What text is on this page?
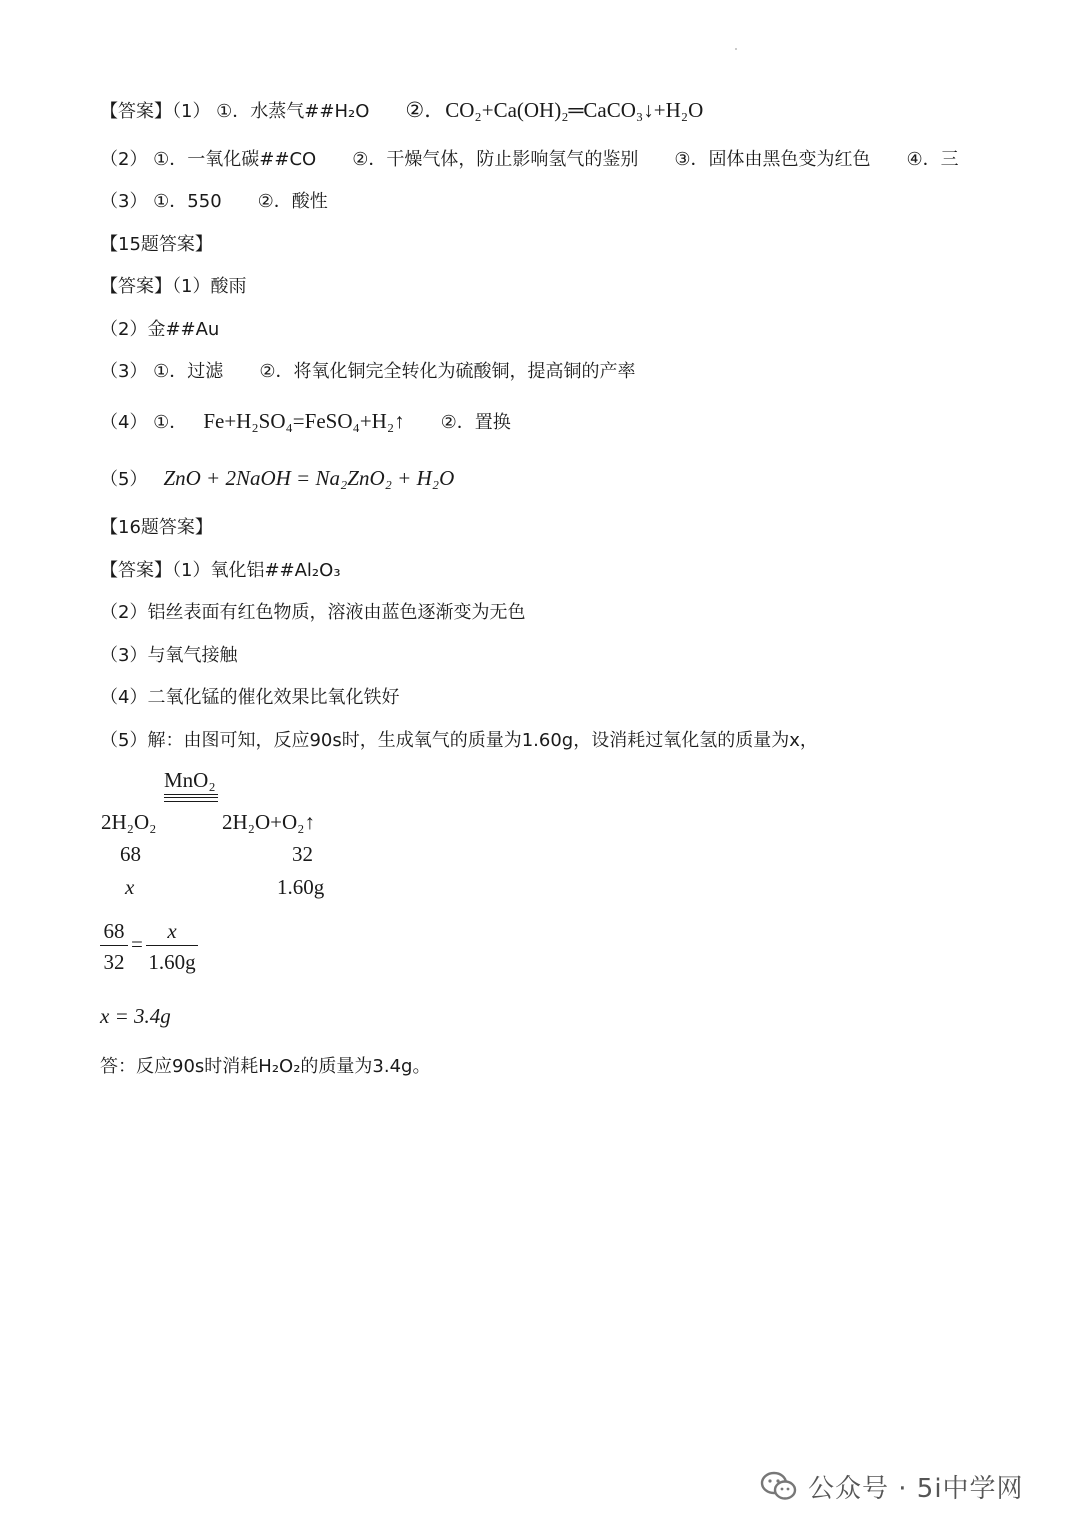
【答案】（1） ①．水蒸气##H₂O ②．CO₂+Ca(OH)₂═CaCO₃↓+H₂O
（2） ①．一氧化碳##CO ②．干燥气体，防止影响氢气的鉴别 ③．固体由黑色变为红色 ④．三
（3） ①．550 ②．酸性
【15题答案】
【答案】（1）酸雨
（2）金##Au
（3） ①．过滤 ②．将氧化铜完全转化为硫酸铜，提高铜的产率
（4） ①． Fe+H₂SO₄=FeSO₄+H₂↑ ②．置换
（5） ZnO + 2NaOH = Na₂ZnO₂ + H₂O
【16题答案】
【答案】（1）氧化铝##Al₂O₃
（2）铝丝表面有红色物质，溶液由蓝色逐渐变为无色
（3）与氧气接触
（4）二氧化锰的催化效果比氧化铁好
（5）解：由图可知，反应90s时，生成氧气的质量为1.60g，设消耗过氧化氢的质量为x，
MnO₂
2H₂O₂	2H₂O+O₂↑
68	32
x	1.60g
68
32
=
x
1.60g
x = 3.4g
答：反应90s时消耗H₂O₂的质量为3.4g。
公众号 · 5i中学网
